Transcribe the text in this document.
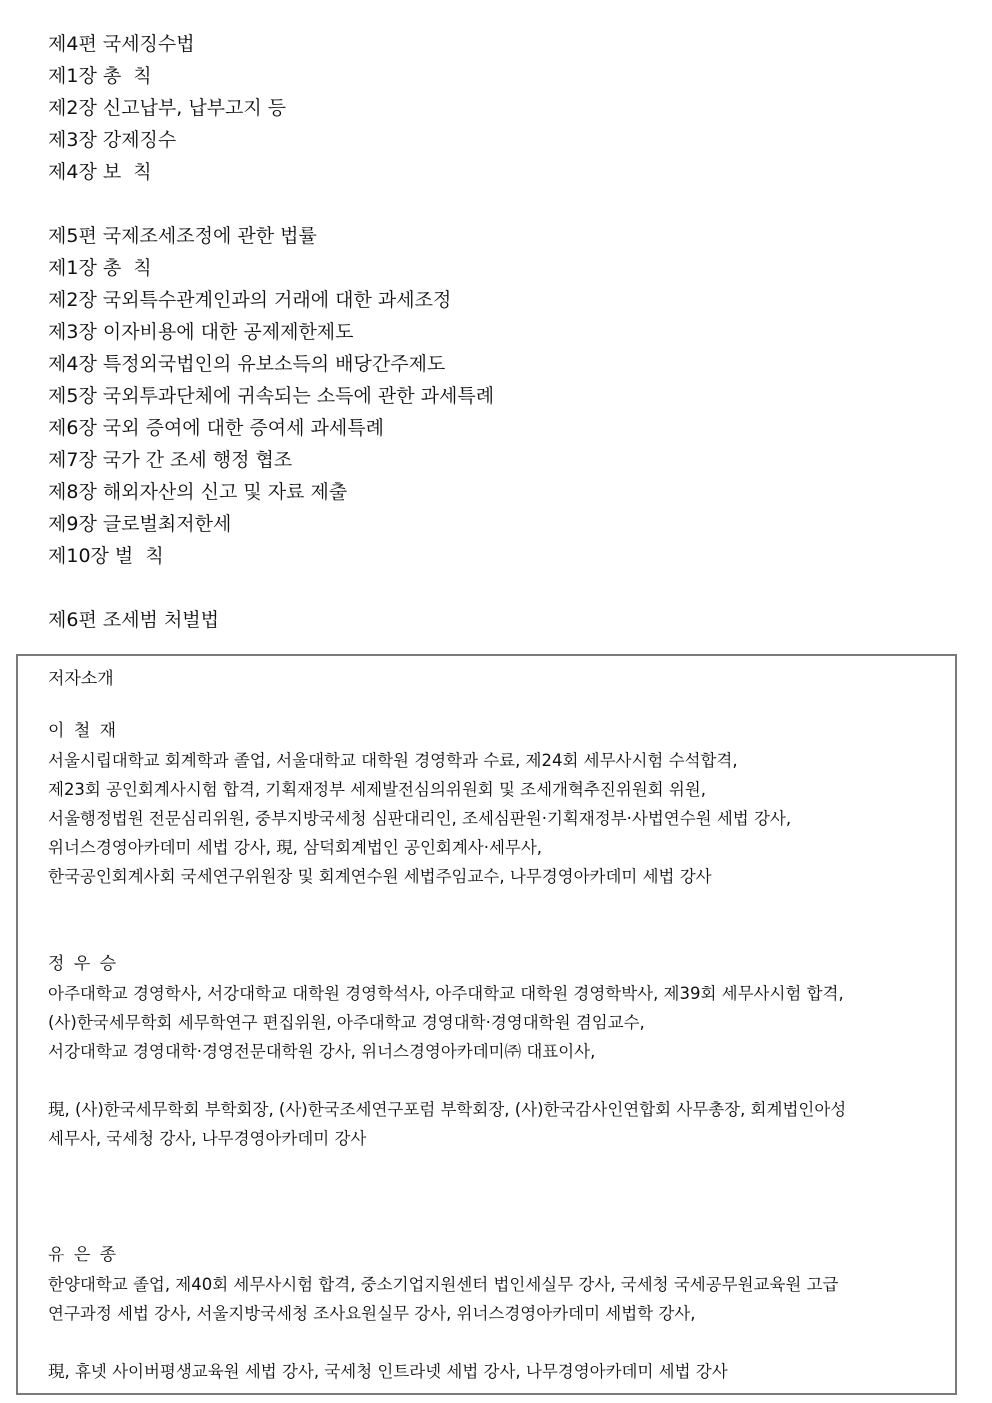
제4편 국세징수법
제1장 총  칙
제2장 신고납부, 납부고지 등
제3장 강제징수
제4장 보  칙
제5편 국제조세조정에 관한 법률
제1장 총  칙
제2장 국외특수관계인과의 거래에 대한 과세조정
제3장 이자비용에 대한 공제제한제도
제4장 특정외국법인의 유보소득의 배당간주제도
제5장 국외투과단체에 귀속되는 소득에 관한 과세특례
제6장 국외 증여에 대한 증여세 과세특례
제7장 국가 간 조세 행정 협조
제8장 해외자산의 신고 및 자료 제출
제9장 글로벌최저한세
제10장 벌  칙
제6편 조세범 처벌법
저자소개
이 철 재
서울시립대학교 회계학과 졸업, 서울대학교 대학원 경영학과 수료, 제24회 세무사시험 수석합격,
제23회 공인회계사시험 합격, 기획재정부 세제발전심의위원회 및 조세개혁추진위원회 위원,
서울행정법원 전문심리위원, 중부지방국세청 심판대리인, 조세심판원·기획재정부·사법연수원 세법 강사,
위너스경영아카데미 세법 강사, 現, 삼덕회계법인 공인회계사·세무사,
한국공인회계사회 국세연구위원장 및 회계연수원 세법주임교수, 나무경영아카데미 세법 강사
정 우 승
아주대학교 경영학사, 서강대학교 대학원 경영학석사, 아주대학교 대학원 경영학박사, 제39회 세무사시험 합격,
(사)한국세무학회 세무학연구 편집위원, 아주대학교 경영대학·경영대학원 겸임교수,
서강대학교 경영대학·경영전문대학원 강사, 위너스경영아카데미㈜ 대표이사,
現, (사)한국세무학회 부학회장, (사)한국조세연구포럼 부학회장, (사)한국감사인연합회 사무총장, 회계법인아성
세무사, 국세청 강사, 나무경영아카데미 강사
유 은 종
한양대학교 졸업, 제40회 세무사시험 합격, 중소기업지원센터 법인세실무 강사, 국세청 국세공무원교육원 고급
연구과정 세법 강사, 서울지방국세청 조사요원실무 강사, 위너스경영아카데미 세법학 강사,
現, 휴넷 사이버평생교육원 세법 강사, 국세청 인트라넷 세법 강사, 나무경영아카데미 세법 강사
